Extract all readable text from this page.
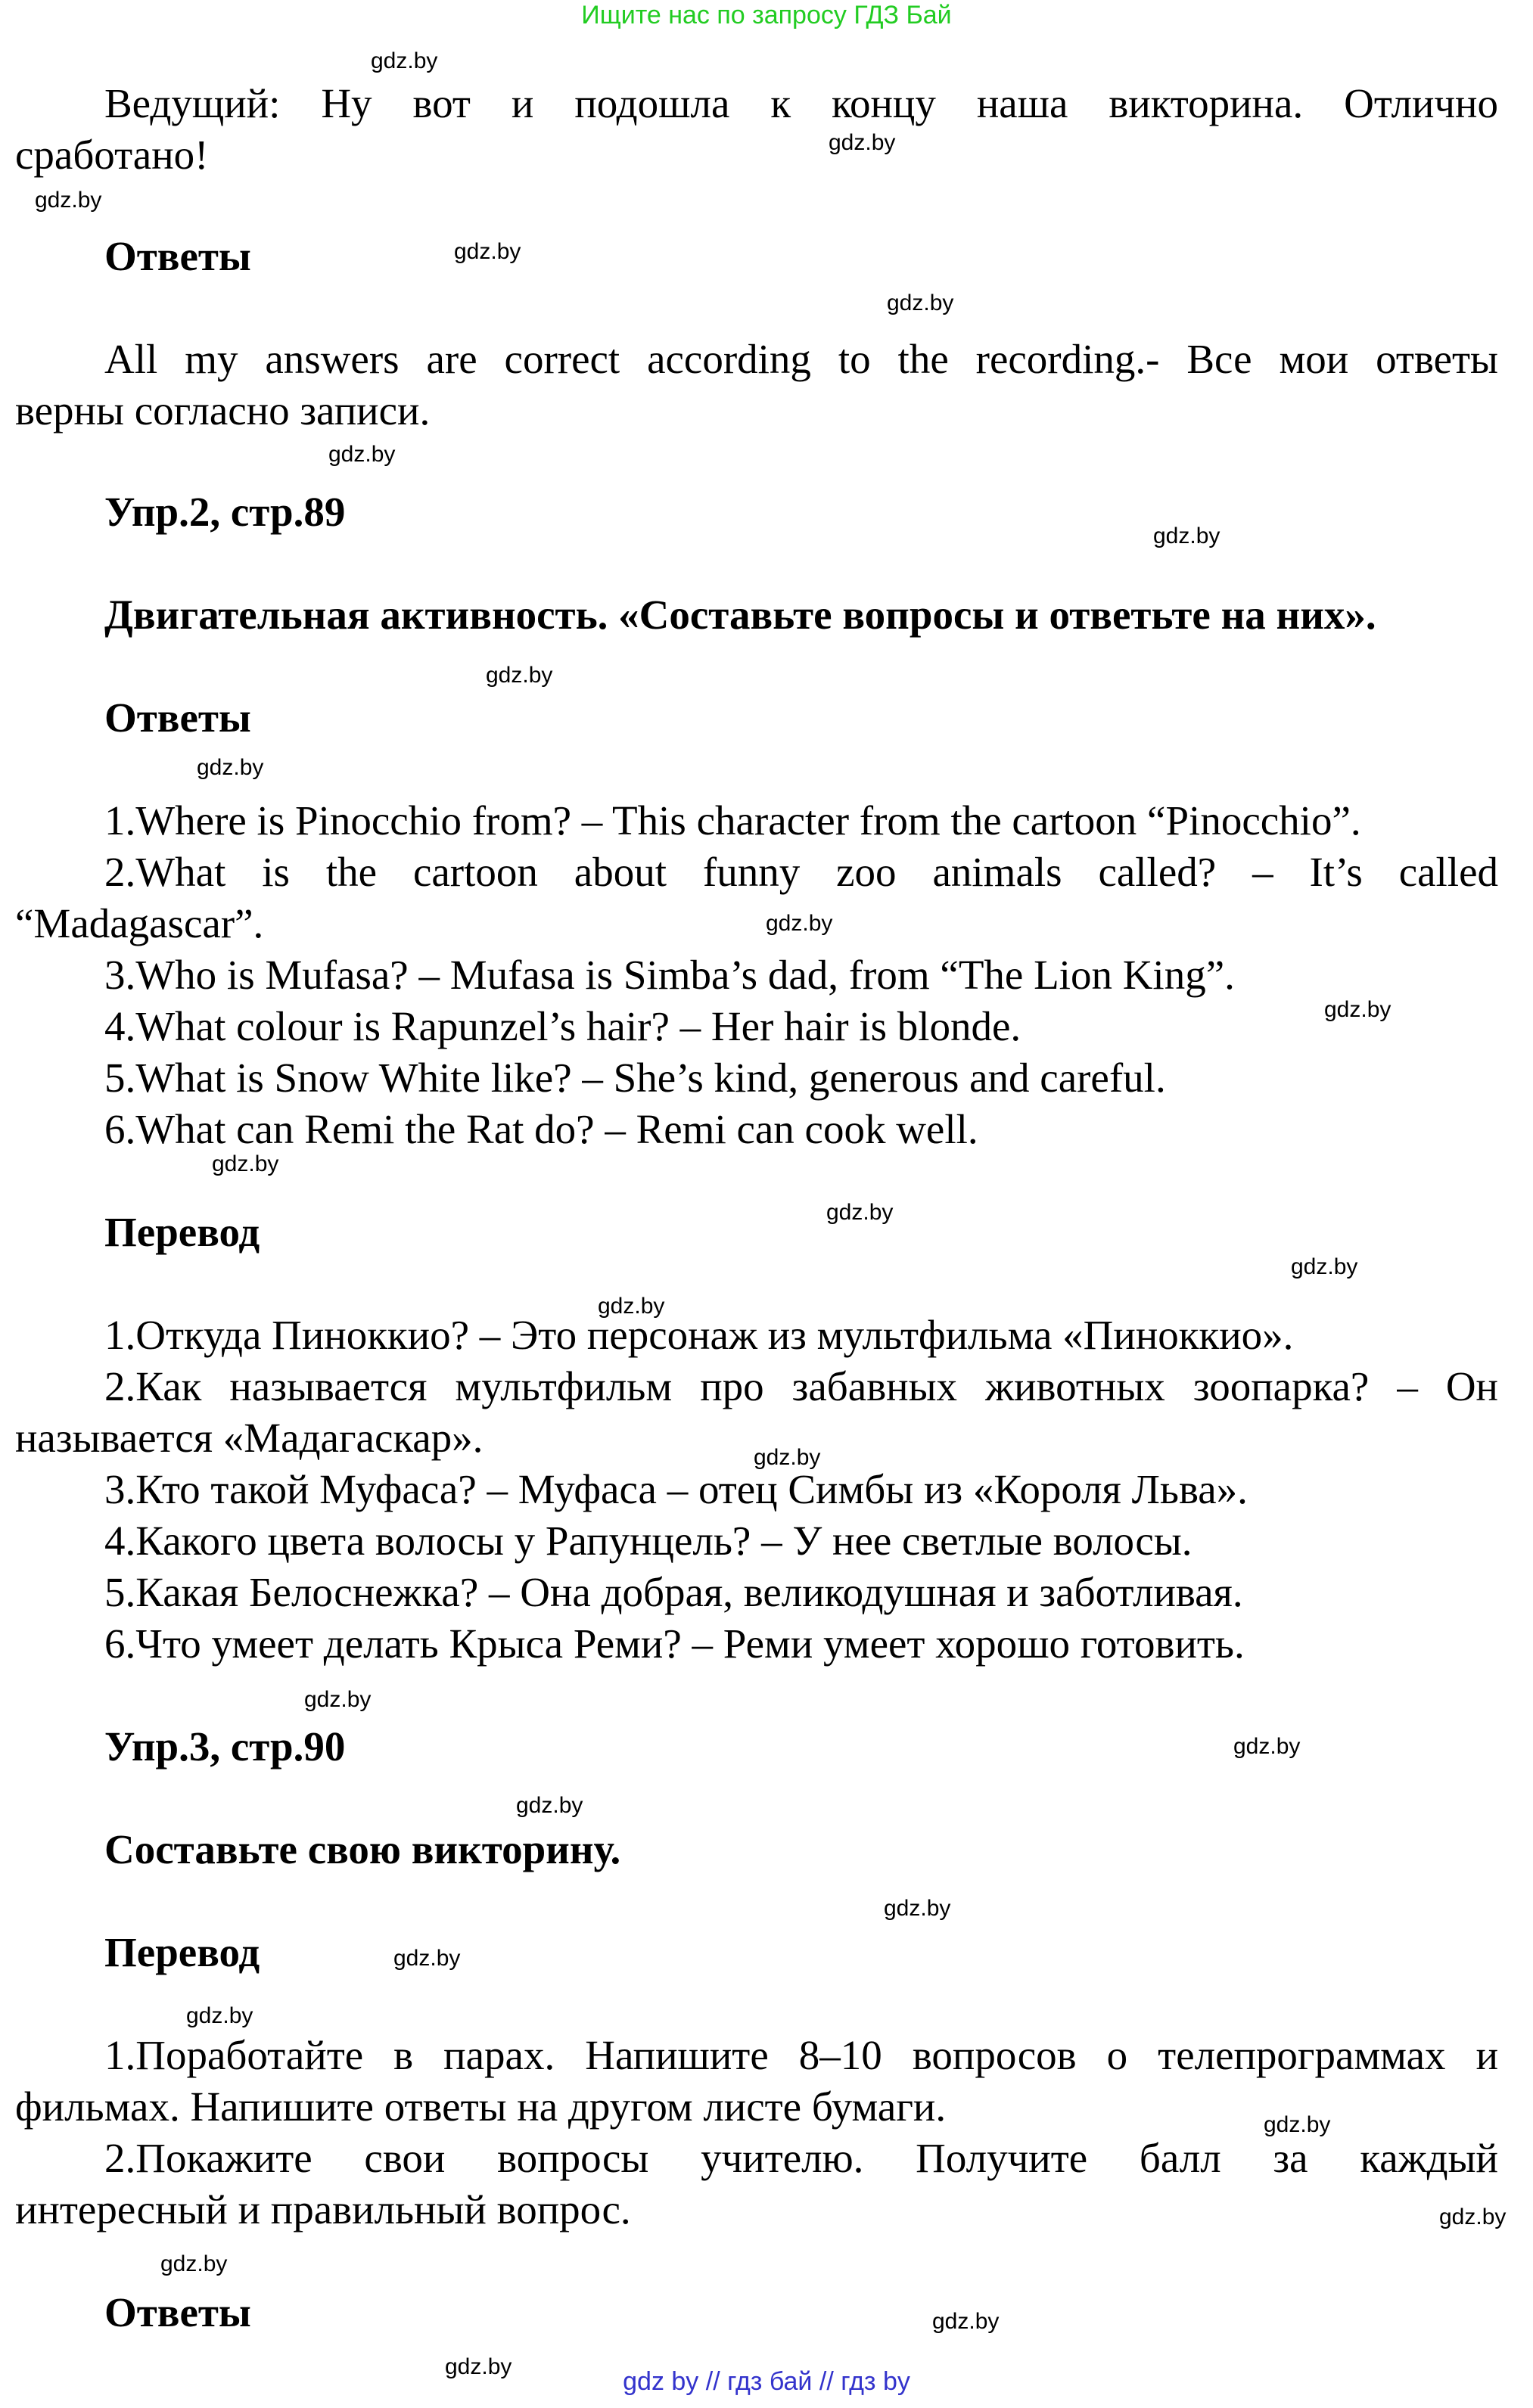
Ищите нас по запросу ГДЗ Бай
gdz.by
gdz.by
gdz.by
gdz.by
gdz.by
gdz.by
gdz.by
gdz.by
gdz.by
gdz.by
gdz.by
gdz.by
gdz.by
gdz.by
gdz.by
gdz.by
gdz.by
gdz.by
gdz.by
gdz.by
gdz.by
gdz.by
gdz.by
gdz.by
gdz.by
gdz.by
gdz.by
Ведущий: Ну вот и подошла к концу наша викторина. Отлично
сработано!
Ответы
All my answers are correct according to the recording.- Все мои ответы
верны согласно записи.
Упр.2, стр.89
Двигательная активность. «Составьте вопросы и ответьте на них».
Ответы
1.Where is Pinocchio from? – This character from the cartoon “Pinocchio”.
2.What is the cartoon about funny zoo animals called? – It’s called
“Madagascar”.
3.Who is Mufasa? – Mufasa is Simba’s dad, from “The Lion King”.
4.What colour is Rapunzel’s hair? – Her hair is blonde.
5.What is Snow White like? – She’s kind, generous and careful.
6.What can Remi the Rat do? – Remi can cook well.
Перевод
1.Откуда Пиноккио? – Это персонаж из мультфильма «Пиноккио».
2.Как называется мультфильм про забавных животных зоопарка? – Он
называется «Мадагаскар».
3.Кто такой Муфаса? – Муфаса – отец Симбы из «Короля Льва».
4.Какого цвета волосы у Рапунцель? – У нее светлые волосы.
5.Какая Белоснежка? – Она добрая, великодушная и заботливая.
6.Что умеет делать Крыса Реми? – Реми умеет хорошо готовить.
Упр.3, стр.90
Составьте свою викторину.
Перевод
1.Поработайте в парах. Напишите 8–10 вопросов о телепрограммах и
фильмах. Напишите ответы на другом листе бумаги.
2.Покажите свои вопросы учителю. Получите балл за каждый
интересный и правильный вопрос.
Ответы
gdz by // гдз бай // гдз by
